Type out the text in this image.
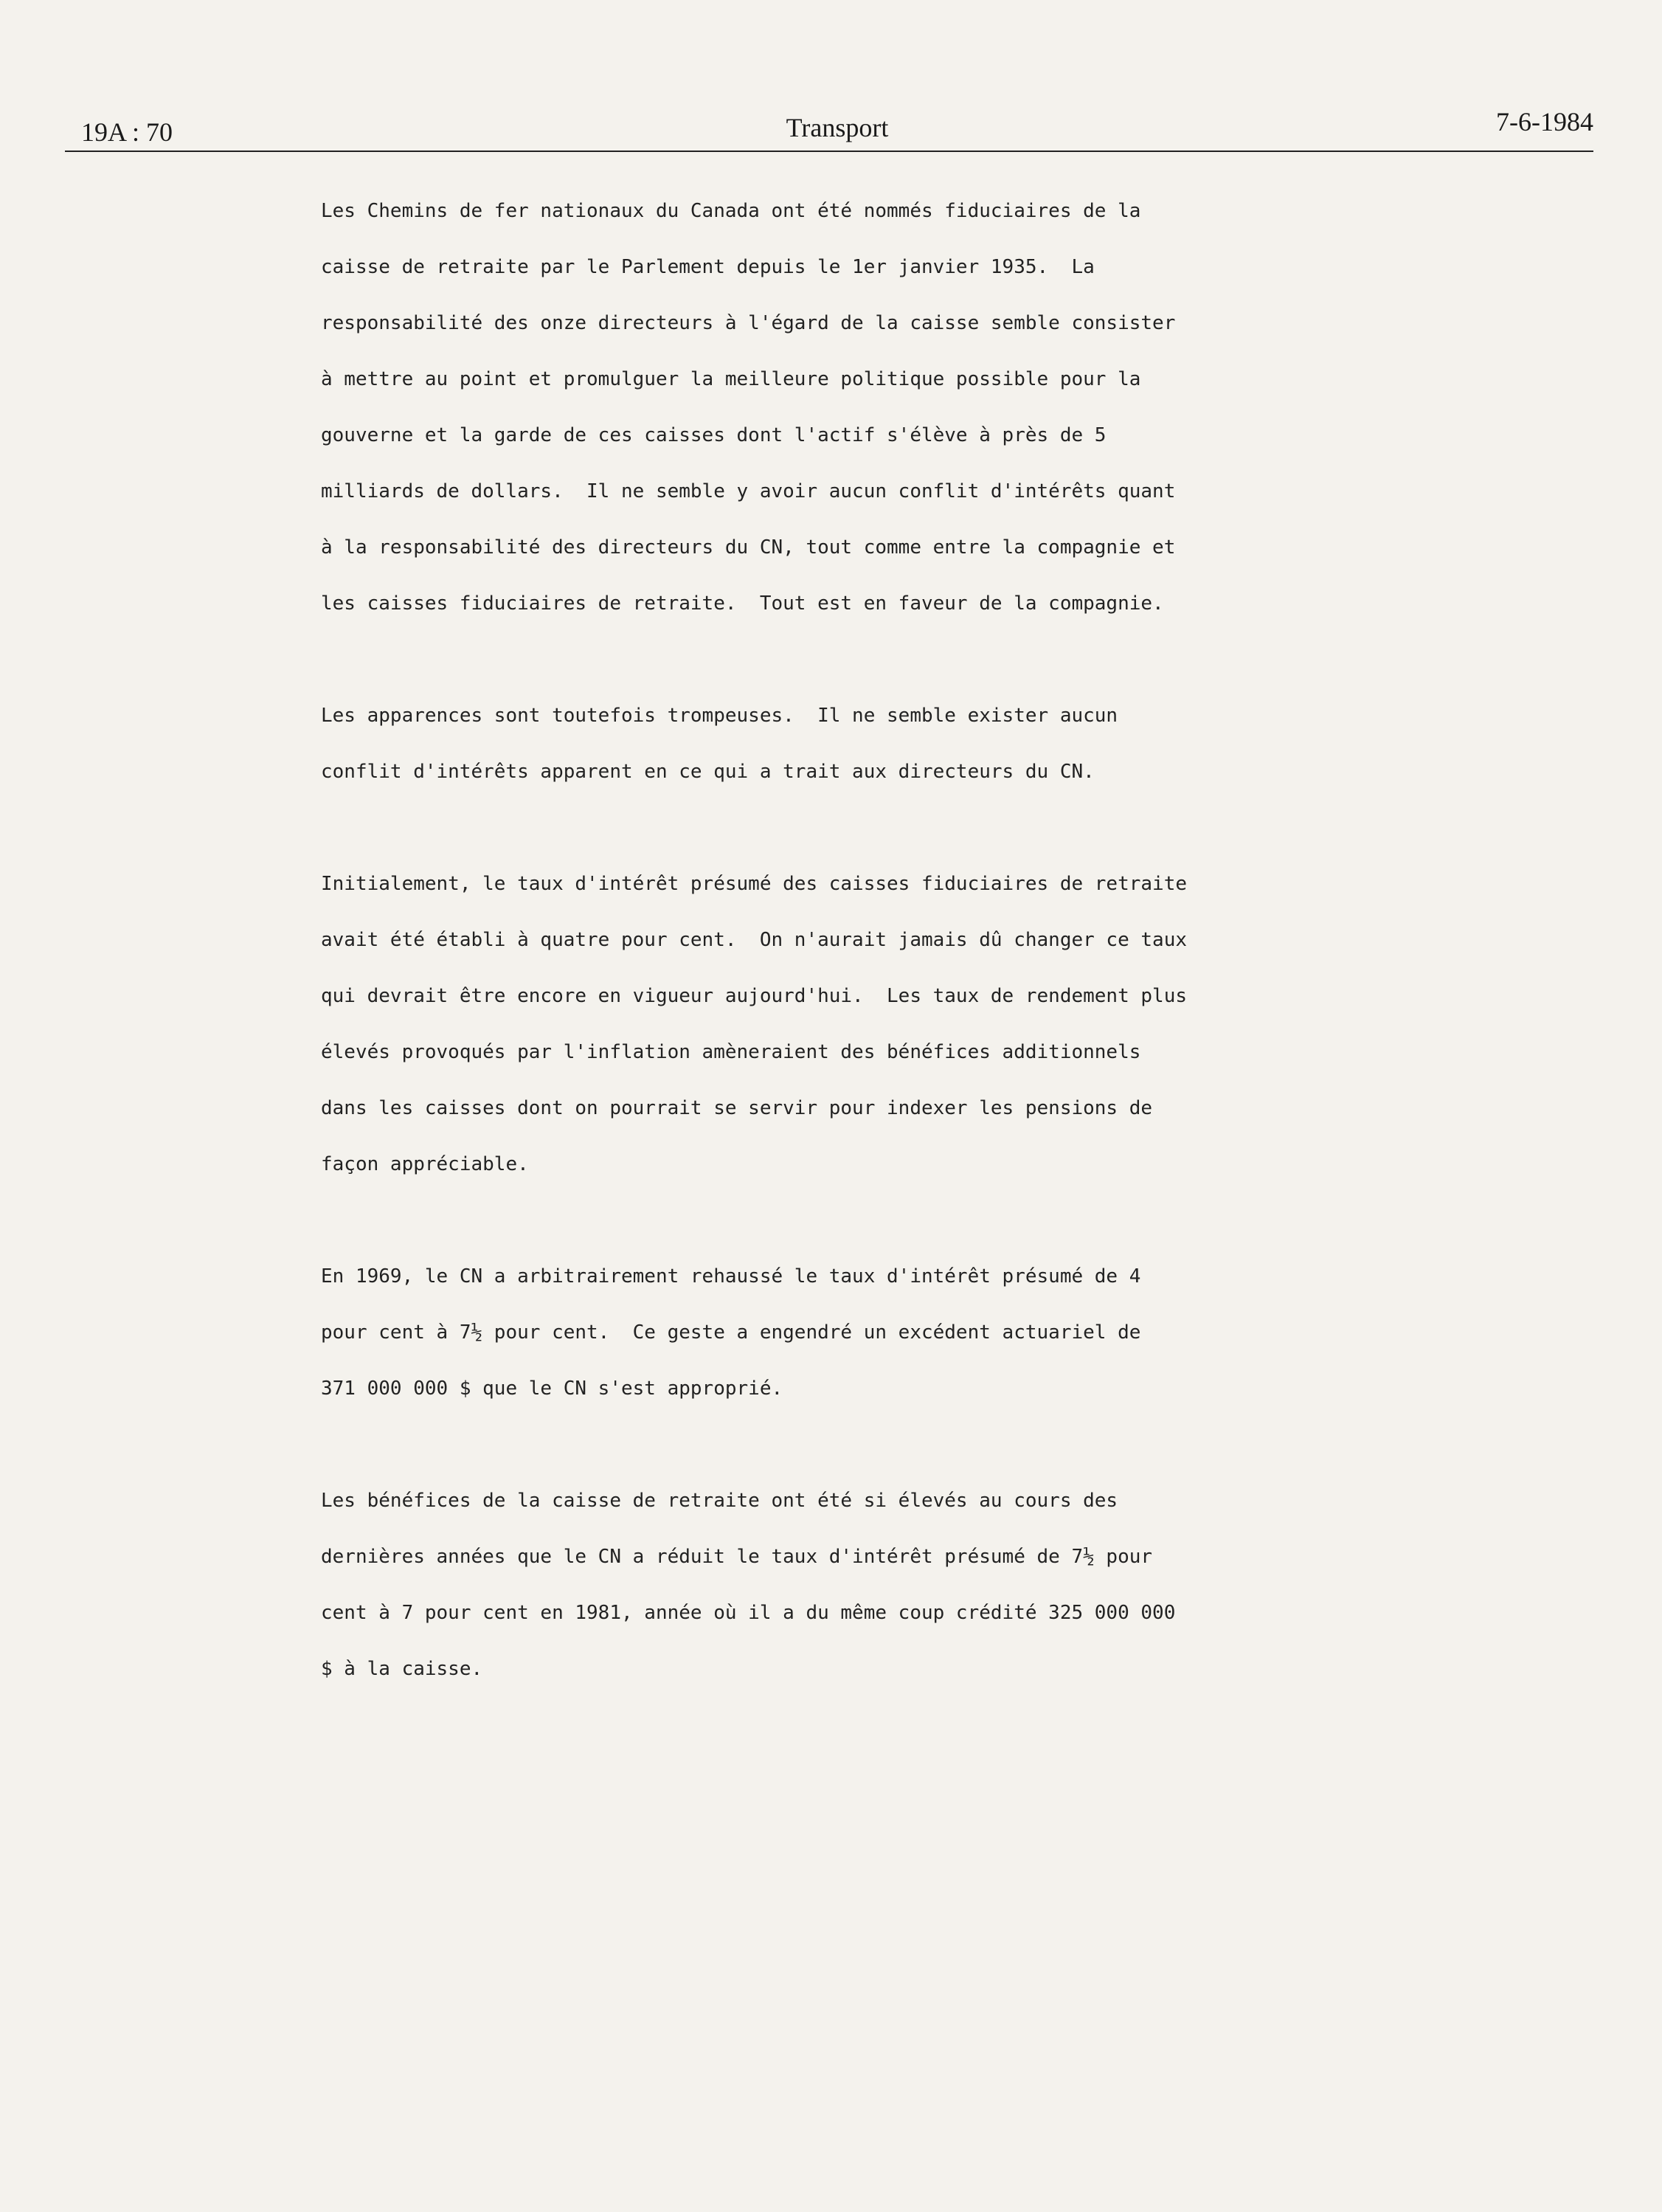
19A : 70	Transport	7-6-1984
Les Chemins de fer nationaux du Canada ont été nommés fiduciaires de la
caisse de retraite par le Parlement depuis le 1er janvier 1935.  La
responsabilité des onze directeurs à l'égard de la caisse semble consister
à mettre au point et promulguer la meilleure politique possible pour la
gouverne et la garde de ces caisses dont l'actif s'élève à près de 5
milliards de dollars.  Il ne semble y avoir aucun conflit d'intérêts quant
à la responsabilité des directeurs du CN, tout comme entre la compagnie et
les caisses fiduciaires de retraite.  Tout est en faveur de la compagnie.
Les apparences sont toutefois trompeuses.  Il ne semble exister aucun
conflit d'intérêts apparent en ce qui a trait aux directeurs du CN.
Initialement, le taux d'intérêt présumé des caisses fiduciaires de retraite
avait été établi à quatre pour cent.  On n'aurait jamais dû changer ce taux
qui devrait être encore en vigueur aujourd'hui.  Les taux de rendement plus
élevés provoqués par l'inflation amèneraient des bénéfices additionnels
dans les caisses dont on pourrait se servir pour indexer les pensions de
façon appréciable.
En 1969, le CN a arbitrairement rehaussé le taux d'intérêt présumé de 4
pour cent à 7½ pour cent.  Ce geste a engendré un excédent actuariel de
371 000 000 $ que le CN s'est approprié.
Les bénéfices de la caisse de retraite ont été si élevés au cours des
dernières années que le CN a réduit le taux d'intérêt présumé de 7½ pour
cent à 7 pour cent en 1981, année où il a du même coup crédité 325 000 000
$ à la caisse.
